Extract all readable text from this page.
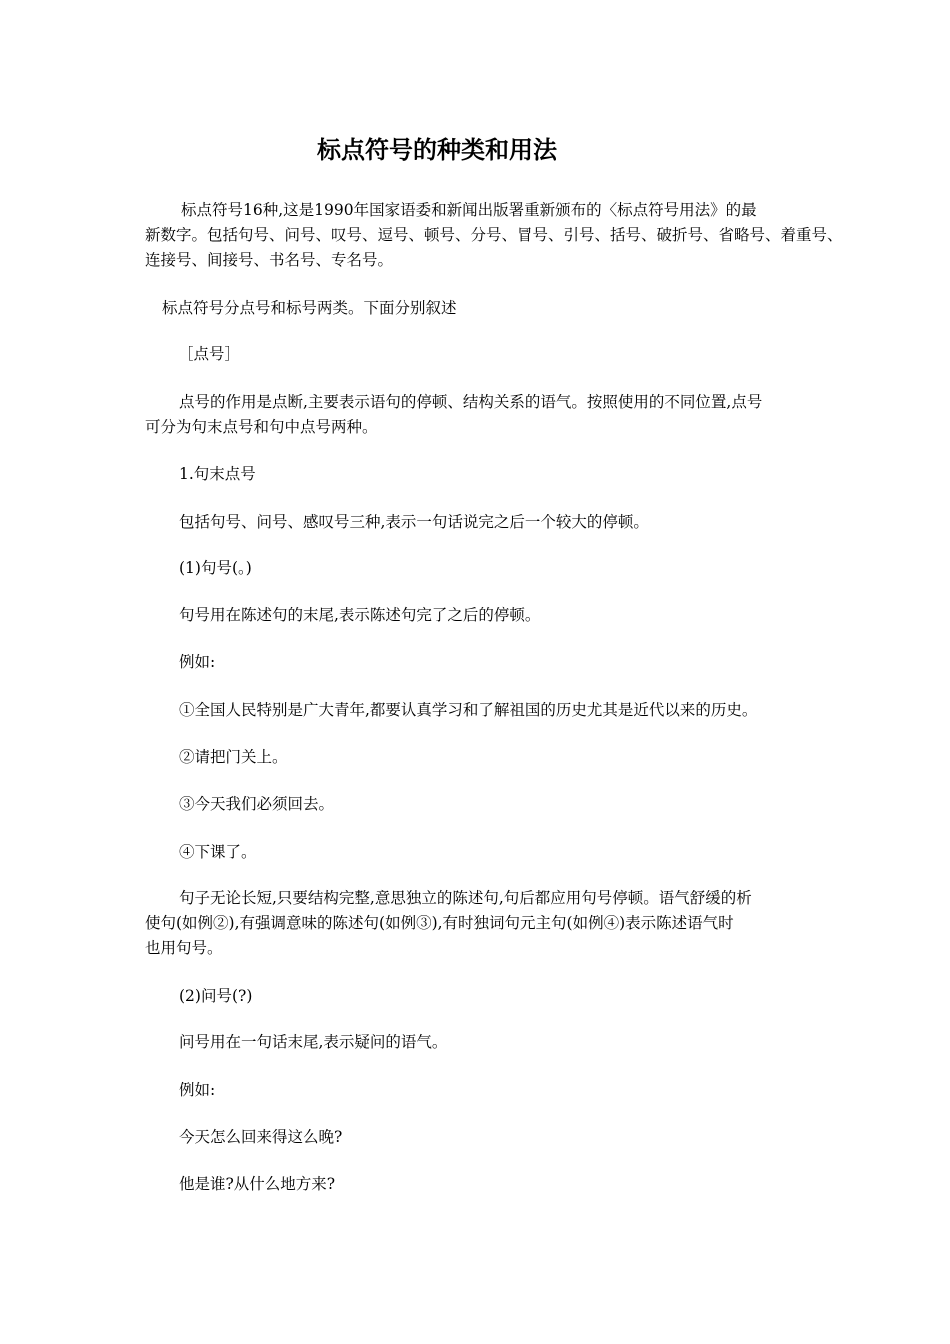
标点符号的种类和用法
标点符号16种,这是1990年国家语委和新闻出版署重新颁布的〈标点符号用法》的最
新数字。包括句号、问号、叹号、逗号、顿号、分号、冒号、引号、括号、破折号、省略号、着重号、
连接号、间接号、书名号、专名号。
标点符号分点号和标号两类。下面分别叙述
［点号］
点号的作用是点断,主要表示语句的停顿、结构关系的语气。按照使用的不同位置,点号
可分为句末点号和句中点号两种。
1.句末点号
包括句号、问号、感叹号三种,表示一句话说完之后一个较大的停顿。
(1)句号(。)
句号用在陈述句的末尾,表示陈述句完了之后的停顿。
例如:
①全国人民特别是广大青年,都要认真学习和了解祖国的历史尤其是近代以来的历史。
②请把门关上。
③今天我们必须回去。
④下课了。
句子无论长短,只要结构完整,意思独立的陈述句,句后都应用句号停顿。语气舒缓的析
使句(如例②),有强调意味的陈述句(如例③),有时独词句元主句(如例④)表示陈述语气时
也用句号。
(2)问号(?)
问号用在一句话末尾,表示疑问的语气。
例如:
今天怎么回来得这么晚?
他是谁?从什么地方来?
